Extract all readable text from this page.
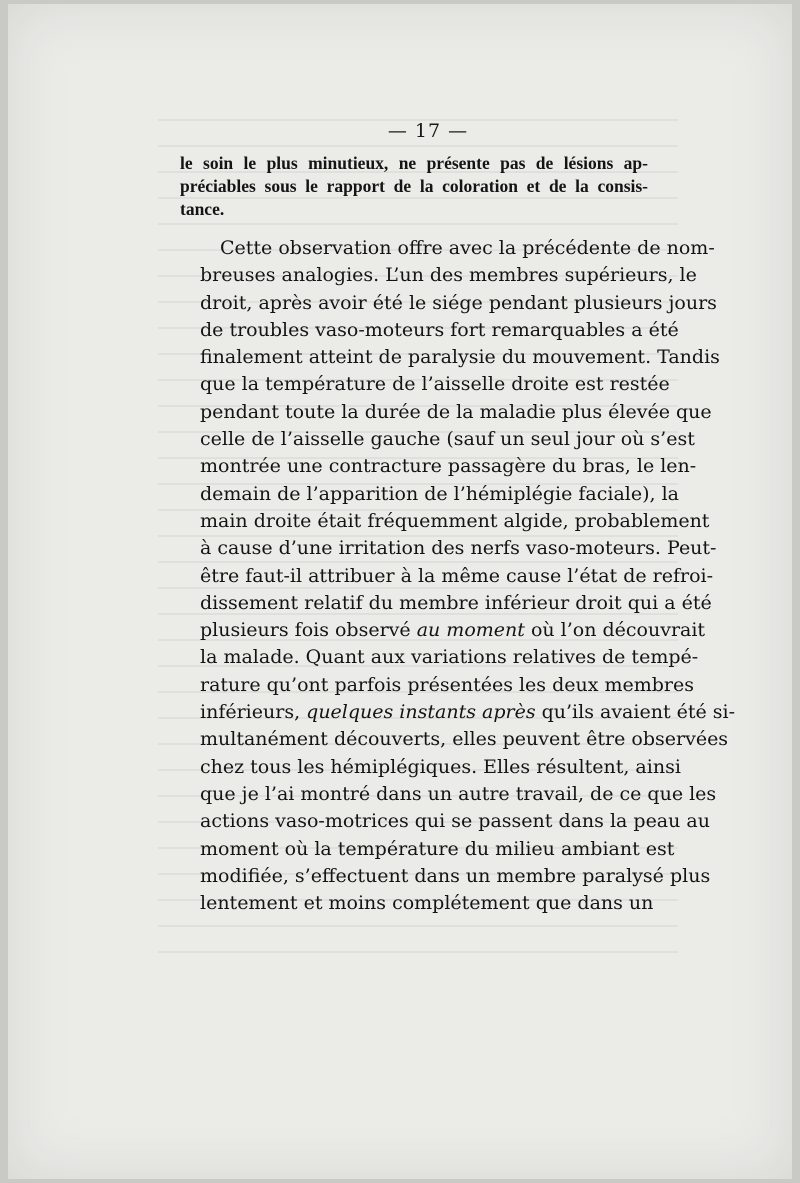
— 17 —

le soin le plus minutieux, ne présente pas de lésions ap-
préciables sous le rapport de la coloration et de la consis-
tance.

Cette observation offre avec la précédente de nom-
breuses analogies. L’un des membres supérieurs, le
droit, après avoir été le siége pendant plusieurs jours
de troubles vaso-moteurs fort remarquables a été
finalement atteint de paralysie du mouvement. Tandis
que la température de l’aisselle droite est restée
pendant toute la durée de la maladie plus élevée que
celle de l’aisselle gauche (sauf un seul jour où s’est
montrée une contracture passagère du bras, le len-
demain de l’apparition de l’hémiplégie faciale), la
main droite était fréquemment algide, probablement
à cause d’une irritation des nerfs vaso-moteurs. Peut-
être faut-il attribuer à la même cause l’état de refroi-
dissement relatif du membre inférieur droit qui a été
plusieurs fois observé au moment où l’on découvrait
la malade. Quant aux variations relatives de tempé-
rature qu’ont parfois présentées les deux membres
inférieurs, quelques instants après qu’ils avaient été si-
multanément découverts, elles peuvent être observées
chez tous les hémiplégiques. Elles résultent, ainsi
que je l’ai montré dans un autre travail, de ce que les
actions vaso-motrices qui se passent dans la peau au
moment où la température du milieu ambiant est
modifiée, s’effectuent dans un membre paralysé plus
lentement et moins complétement que dans un
